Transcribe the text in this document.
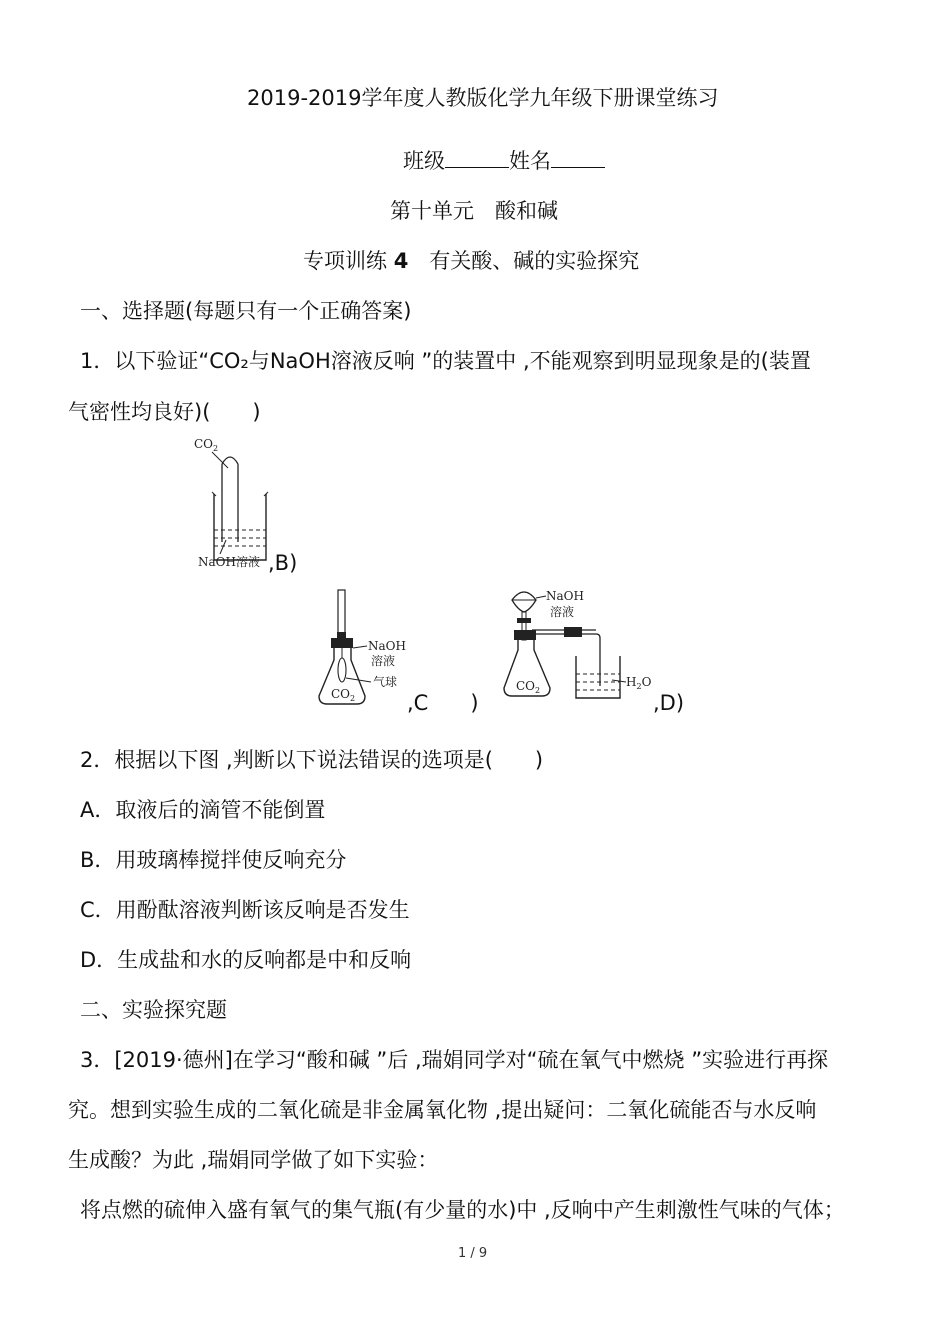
2019-2019学年度人教版化学九年级下册课堂练习
班级	姓名
第十单元　酸和碱
专项训练 4　 有关酸、碱的实验探究
一、选择题(每题只有一个正确答案)
1．以下验证“CO₂与NaOH溶液反响 ”的装置中 ,不能观察到明显现象是的(装置
气密性均良好)(　　)
$CO_2$
NaOH溶液 ,B)
NaOH
溶液
气球
$CO_2$ ,C　　)
NaOH
溶液
$CO_2$
$H_2O$
,D)
2．根据以下图 ,判断以下说法错误的选项是(　　)
A．取液后的滴管不能倒置
B．用玻璃棒搅拌使反响充分
C．用酚酞溶液判断该反响是否发生
D．生成盐和水的反响都是中和反响
二、实验探究题
3．[2019·德州]在学习“酸和碱 ”后 ,瑞娟同学对“硫在氧气中燃烧 ”实验进行再探
究。想到实验生成的二氧化硫是非金属氧化物 ,提出疑问：二氧化硫能否与水反响
生成酸？为此 ,瑞娟同学做了如下实验：
将点燃的硫伸入盛有氧气的集气瓶(有少量的水)中 ,反响中产生刺激性气味的气体；
1 / 9
